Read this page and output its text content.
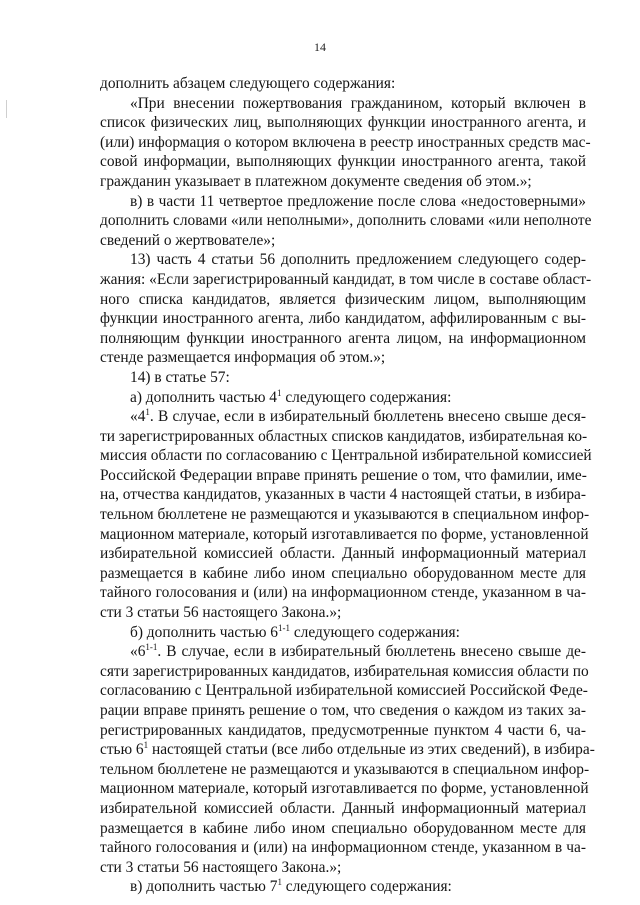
14
дополнить абзацем следующего содержания:
«При внесении пожертвования гражданином, который включен в
список физических лиц, выполняющих функции иностранного агента, и
(или) информация о котором включена в реестр иностранных средств мас-
совой информации, выполняющих функции иностранного агента, такой
гражданин указывает в платежном документе сведения об этом.»;
в) в части 11 четвертое предложение после слова «недостоверными»
дополнить словами «или неполными», дополнить словами «или неполноте
сведений о жертвователе»;
13) часть 4 статьи 56 дополнить предложением следующего содер-
жания: «Если зарегистрированный кандидат, в том числе в составе област-
ного списка кандидатов, является физическим лицом, выполняющим
функции иностранного агента, либо кандидатом, аффилированным с вы-
полняющим функции иностранного агента лицом, на информационном
стенде размещается информация об этом.»;
14) в статье 57:
а) дополнить частью $4^1$ следующего содержания:
«$4^1$. В случае, если в избирательный бюллетень внесено свыше деся-
ти зарегистрированных областных списков кандидатов, избирательная ко-
миссия области по согласованию с Центральной избирательной комиссией
Российской Федерации вправе принять решение о том, что фамилии, име-
на, отчества кандидатов, указанных в части 4 настоящей статьи, в избира-
тельном бюллетене не размещаются и указываются в специальном инфор-
мационном материале, который изготавливается по форме, установленной
избирательной комиссией области. Данный информационный материал
размещается в кабине либо ином специально оборудованном месте для
тайного голосования и (или) на информационном стенде, указанном в ча-
сти 3 статьи 56 настоящего Закона.»;
б) дополнить частью 6$^{1-1}$ следующего содержания:
«6$^{1-1}$. В случае, если в избирательный бюллетень внесено свыше де-
сяти зарегистрированных кандидатов, избирательная комиссия области по
согласованию с Центральной избирательной комиссией Российской Феде-
рации вправе принять решение о том, что сведения о каждом из таких за-
регистрированных кандидатов, предусмотренные пунктом 4 части 6, ча-
стью $6^1$ настоящей статьи (все либо отдельные из этих сведений), в избира-
тельном бюллетене не размещаются и указываются в специальном инфор-
мационном материале, который изготавливается по форме, установленной
избирательной комиссией области. Данный информационный материал
размещается в кабине либо ином специально оборудованном месте для
тайного голосования и (или) на информационном стенде, указанном в ча-
сти 3 статьи 56 настоящего Закона.»;
в) дополнить частью $7^1$ следующего содержания:
